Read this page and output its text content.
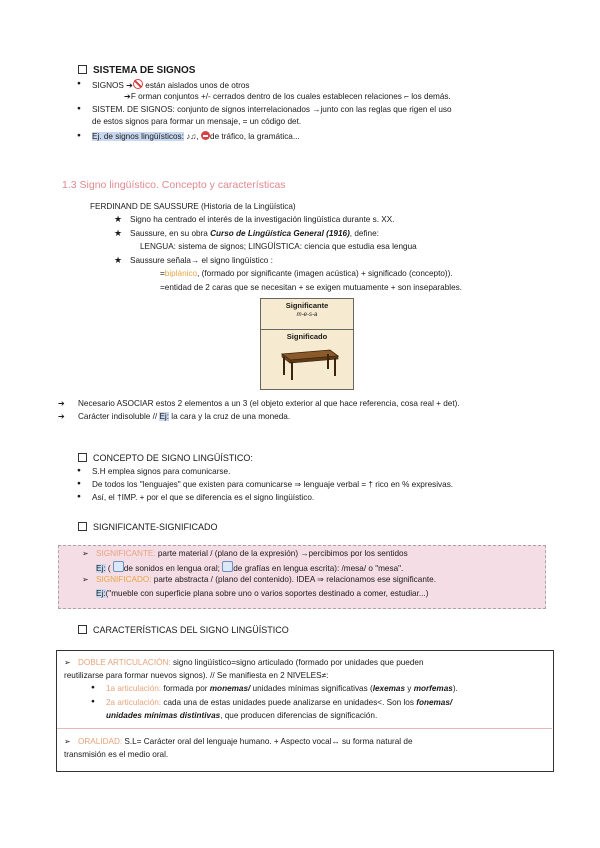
SISTEMA DE SIGNOS
● SIGNOS ➔ están aislados unos de otros
➔F orman conjuntos +/- cerrados dentro de los cuales establecen relaciones ⌐ los demás.
● SISTEM. DE SIGNOS: conjunto de signos interrelacionados →junto con las reglas que rigen el uso
de estos signos para formar un mensaje, = un código det.
● Ej. de signos lingüísticos: ♪♫, de tráfico, la gramática...
1.3 Signo lingüístico. Concepto y características
FERDINAND DE SAUSSURE (Historia de la Lingüística)
★ Signo ha centrado el interés de la investigación lingüística durante s. XX.
★ Saussure, en su obra Curso de Lingüística General (1916), define:
LENGUA: sistema de signos; LINGÜÍSTICA: ciencia que estudia esa lengua
★ Saussure señala→ el signo lingüístico :
=biplánico, (formado por significante (imagen acústica) + significado (concepto)).
=entidad de 2 caras que se necesitan + se exigen mutuamente + son inseparables.
Significante
m-e-s-a
Significado
➔ Necesario ASOCIAR estos 2 elementos a un 3 (el objeto exterior al que hace referencia, cosa real + det).
➔ Carácter indisoluble // Ej: la cara y la cruz de una moneda.
CONCEPTO DE SIGNO LINGÜÍSTICO:
● S.H emplea signos para comunicarse.
● De todos los "lenguajes" que existen para comunicarse ⇒ lenguaje verbal = † rico en % expresivas.
● Así, el †IMP. + por el que se diferencia es el signo lingüístico.
SIGNIFICANTE-SIGNIFICADO
➢ SIGNIFICANTE: parte material / (plano de la expresión) →percibimos por los sentidos
Ej: ( de sonidos en lengua oral; de grafías en lengua escrita): /mesa/ o "mesa".
➢ SIGNIFICADO: parte abstracta / (plano del contenido). IDEA ⇒ relacionamos ese significante.
Ej:("mueble con superficie plana sobre uno o varios soportes destinado a comer, estudiar...)
CARACTERÍSTICAS DEL SIGNO LINGÜÍSTICO
➢ DOBLE ARTICULACIÓN: signo lingüístico=signo articulado (formado por unidades que pueden
reutilizarse para formar nuevos signos). // Se manifiesta en 2 NIVELES≠:
● 1a articulación: formada por monemas/ unidades mínimas significativas (lexemas y morfemas).
● 2a articulación: cada una de estas unidades puede analizarse en unidades<. Son los fonemas/
unidades mínimas distintivas, que producen diferencias de significación.
➢ ORALIDAD: S.L= Carácter oral del lenguaje humano. + Aspecto vocal↔ su forma natural de
transmisión es el medio oral.
